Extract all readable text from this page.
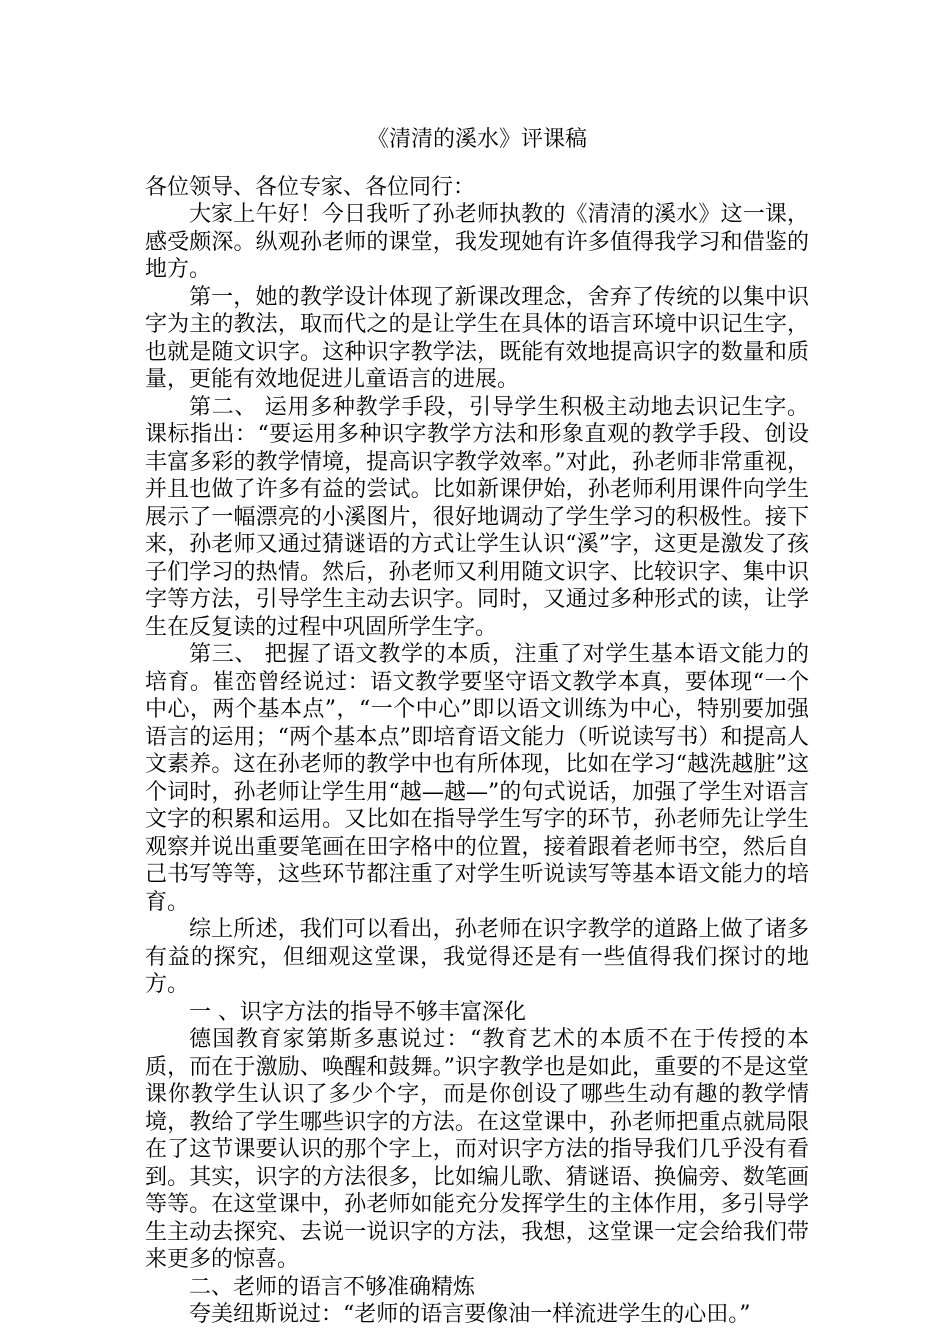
《清清的溪水》评课稿

各位领导、各位专家、各位同行：

大家上午好！今日我听了孙老师执教的《清清的溪水》这一课，感受颇深。纵观孙老师的课堂，我发现她有许多值得我学习和借鉴的地方。

第一，她的教学设计体现了新课改理念，舍弃了传统的以集中识字为主的教法，取而代之的是让学生在具体的语言环境中识记生字，也就是随文识字。这种识字教学法，既能有效地提高识字的数量和质量，更能有效地促进儿童语言的进展。

第二、 运用多种教学手段，引导学生积极主动地去识记生字。课标指出：“要运用多种识字教学方法和形象直观的教学手段、创设丰富多彩的教学情境，提高识字教学效率。”对此，孙老师非常重视，并且也做了许多有益的尝试。比如新课伊始，孙老师利用课件向学生展示了一幅漂亮的小溪图片，很好地调动了学生学习的积极性。接下来，孙老师又通过猜谜语的方式让学生认识“溪”字，这更是激发了孩子们学习的热情。然后，孙老师又利用随文识字、比较识字、集中识字等方法，引导学生主动去识字。同时，又通过多种形式的读，让学生在反复读的过程中巩固所学生字。

第三、 把握了语文教学的本质，注重了对学生基本语文能力的培育。崔峦曾经说过：语文教学要坚守语文教学本真，要体现“一个中心，两个基本点”，“一个中心”即以语文训练为中心，特别要加强语言的运用；“两个基本点”即培育语文能力（听说读写书）和提高人文素养。这在孙老师的教学中也有所体现，比如在学习“越洗越脏”这个词时，孙老师让学生用“越—越—”的句式说话，加强了学生对语言文字的积累和运用。又比如在指导学生写字的环节，孙老师先让学生观察并说出重要笔画在田字格中的位置，接着跟着老师书空，然后自己书写等等，这些环节都注重了对学生听说读写等基本语文能力的培育。

综上所述，我们可以看出，孙老师在识字教学的道路上做了诸多有益的探究，但细观这堂课，我觉得还是有一些值得我们探讨的地方。

一 、识字方法的指导不够丰富深化

德国教育家第斯多惠说过：“教育艺术的本质不在于传授的本质，而在于激励、唤醒和鼓舞。”识字教学也是如此，重要的不是这堂课你教学生认识了多少个字，而是你创设了哪些生动有趣的教学情境，教给了学生哪些识字的方法。在这堂课中，孙老师把重点就局限在了这节课要认识的那个字上，而对识字方法的指导我们几乎没有看到。其实，识字的方法很多，比如编儿歌、猜谜语、换偏旁、数笔画等等。在这堂课中，孙老师如能充分发挥学生的主体作用，多引导学生主动去探究、去说一说识字的方法，我想，这堂课一定会给我们带来更多的惊喜。

二、老师的语言不够准确精炼

夸美纽斯说过：“老师的语言要像油一样流进学生的心田。”
